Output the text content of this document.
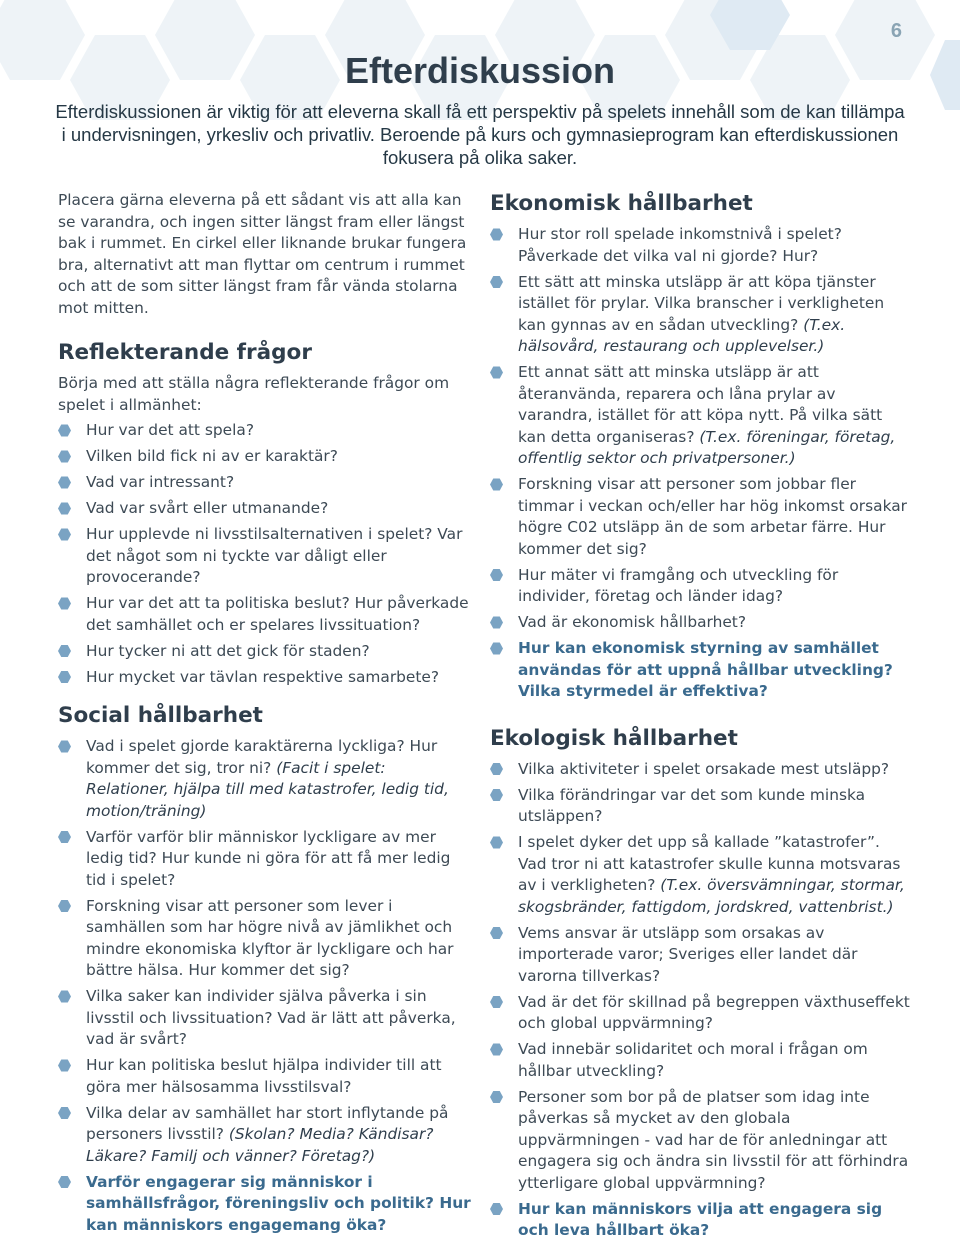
6
Efterdiskussion

Efterdiskussionen är viktig för att eleverna skall få ett perspektiv på spelets innehåll som de kan tillämpa i undervisningen, yrkesliv och privatliv. Beroende på kurs och gymnasieprogram kan efterdiskussionen fokusera på olika saker.

Placera gärna eleverna på ett sådant vis att alla kan se varandra, och ingen sitter längst fram eller längst bak i rummet. En cirkel eller liknande brukar fungera bra, alternativt att man flyttar om centrum i rummet och att de som sitter längst fram får vända stolarna mot mitten.

Reflekterande frågor

Börja med att ställa några reflekterande frågor om spelet i allmänhet:

Hur var det att spela?
Vilken bild fick ni av er karaktär?
Vad var intressant?
Vad var svårt eller utmanande?
Hur upplevde ni livsstilsalternativen i spelet? Var det något som ni tyckte var dåligt eller provocerande?
Hur var det att ta politiska beslut? Hur påverkade det samhället och er spelares livssituation?
Hur tycker ni att det gick för staden?
Hur mycket var tävlan respektive samarbete?
Social hållbarhet
Vad i spelet gjorde karaktärerna lyckliga? Hur kommer det sig, tror ni? (Facit i spelet: Relationer, hjälpa till med katastrofer, ledig tid, motion/träning)
Varför varför blir människor lyckligare av mer ledig tid? Hur kunde ni göra för att få mer ledig tid i spelet?
Forskning visar att personer som lever i samhällen som har högre nivå av jämlikhet och mindre ekonomiska klyftor är lyckligare och har bättre hälsa. Hur kommer det sig?
Vilka saker kan individer själva påverka i sin livsstil och livssituation? Vad är lätt att påverka, vad är svårt?
Hur kan politiska beslut hjälpa individer till att göra mer hälsosamma livsstilsval?
Vilka delar av samhället har stort inflytande på personers livsstil? (Skolan? Media? Kändisar? Läkare? Familj och vänner? Företag?)
Varför engagerar sig människor i samhällsfrågor, föreningsliv och politik? Hur kan människors engagemang öka?
Ekonomisk hållbarhet
Hur stor roll spelade inkomstnivå i spelet? Påverkade det vilka val ni gjorde? Hur?
Ett sätt att minska utsläpp är att köpa tjänster istället för prylar. Vilka branscher i verkligheten kan gynnas av en sådan utveckling? (T.ex. hälsovård, restaurang och upplevelser.)
Ett annat sätt att minska utsläpp är att återanvända, reparera och låna prylar av varandra, istället för att köpa nytt. På vilka sätt kan detta organiseras? (T.ex. föreningar, företag, offentlig sektor och privatpersoner.)
Forskning visar att personer som jobbar fler timmar i veckan och/eller har hög inkomst orsakar högre C02 utsläpp än de som arbetar färre. Hur kommer det sig?
Hur mäter vi framgång och utveckling för individer, företag och länder idag?
Vad är ekonomisk hållbarhet?
Hur kan ekonomisk styrning av samhället användas för att uppnå hållbar utveckling? Vilka styrmedel är effektiva?
Ekologisk hållbarhet
Vilka aktiviteter i spelet orsakade mest utsläpp?
Vilka förändringar var det som kunde minska utsläppen?
I spelet dyker det upp så kallade ”katastrofer”. Vad tror ni att katastrofer skulle kunna motsvaras av i verkligheten? (T.ex. översvämningar, stormar, skogsbränder, fattigdom, jordskred, vattenbrist.)
Vems ansvar är utsläpp som orsakas av importerade varor; Sveriges eller landet där varorna tillverkas?
Vad är det för skillnad på begreppen växthuseffekt och global uppvärmning?
Vad innebär solidaritet och moral i frågan om hållbar utveckling?
Personer som bor på de platser som idag inte påverkas så mycket av den globala uppvärmningen - vad har de för anledningar att engagera sig och ändra sin livsstil för att förhindra ytterligare global uppvärmning?
Hur kan människors vilja att engagera sig och leva hållbart öka?
